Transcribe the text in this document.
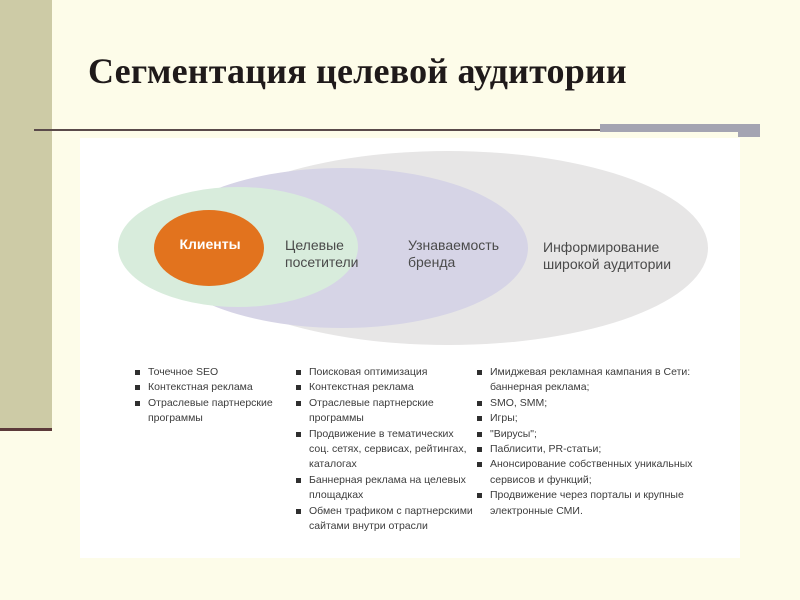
Сегментация целевой аудитории
Клиенты	Целевые
посетители
Узнаваемость
бренда
Информирование
широкой аудитории
Точечное SEO
Контекстная реклама
Отраслевые партнерские программы
Поисковая оптимизация
Контекстная реклама
Отраслевые партнерские программы
Продвижение в тематических соц. сетях, сервисах, рейтингах, каталогах
Баннерная реклама на целевых площадках
Обмен трафиком с партнерскими сайтами внутри отрасли
Имиджевая рекламная кампания в Сети: баннерная реклама;
SMO, SMM;
Игры;
"Вирусы";
Паблисити, PR-статьи;
Анонсирование собственных уникальных сервисов и функций;
Продвижение через порталы и крупные электронные СМИ.
